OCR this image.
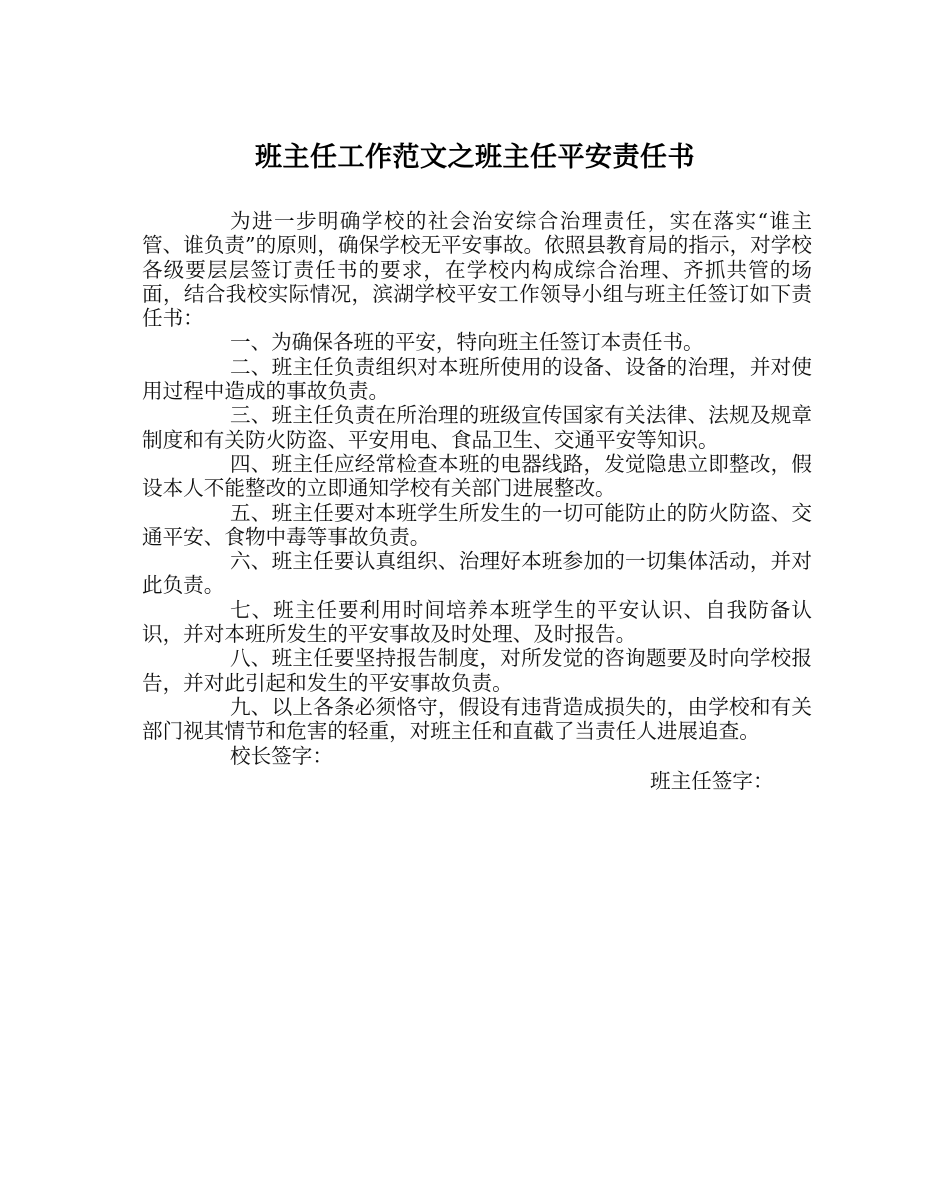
班主任工作范文之班主任平安责任书

为进一步明确学校的社会治安综合治理责任，实在落实“谁主管、谁负责”的原则，确保学校无平安事故。依照县教育局的指示，对学校各级要层层签订责任书的要求，在学校内构成综合治理、齐抓共管的场面，结合我校实际情况，滨湖学校平安工作领导小组与班主任签订如下责任书：

一、为确保各班的平安，特向班主任签订本责任书。

二、班主任负责组织对本班所使用的设备、设备的治理，并对使用过程中造成的事故负责。

三、班主任负责在所治理的班级宣传国家有关法律、法规及规章制度和有关防火防盗、平安用电、食品卫生、交通平安等知识。

四、班主任应经常检查本班的电器线路，发觉隐患立即整改，假设本人不能整改的立即通知学校有关部门进展整改。

五、班主任要对本班学生所发生的一切可能防止的防火防盗、交通平安、食物中毒等事故负责。

六、班主任要认真组织、治理好本班参加的一切集体活动，并对此负责。

七、班主任要利用时间培养本班学生的平安认识、自我防备认识，并对本班所发生的平安事故及时处理、及时报告。

八、班主任要坚持报告制度，对所发觉的咨询题要及时向学校报告，并对此引起和发生的平安事故负责。

九、以上各条必须恪守，假设有违背造成损失的，由学校和有关部门视其情节和危害的轻重，对班主任和直截了当责任人进展追查。

校长签字：
班主任签字：
